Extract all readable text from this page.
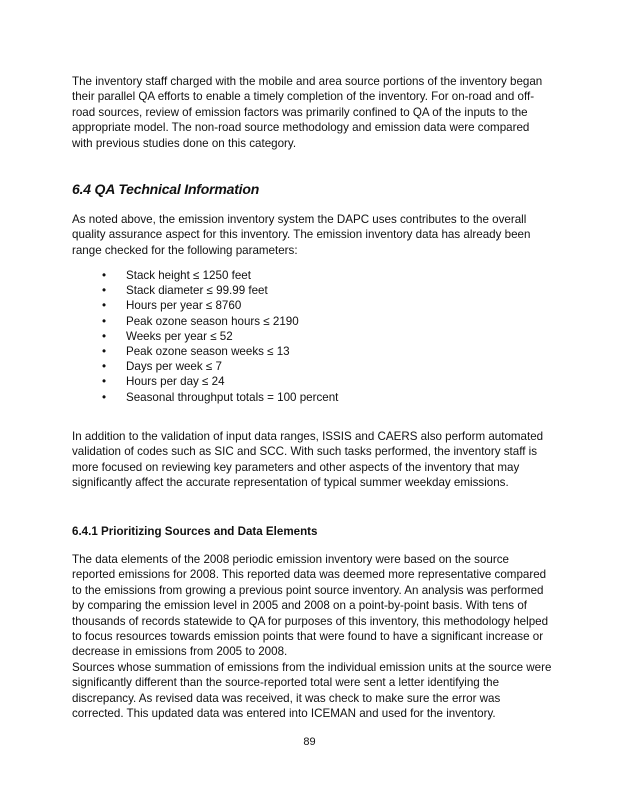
The inventory staff charged with the mobile and area source portions of the inventory began their parallel QA efforts to enable a timely completion of the inventory. For on-road and off-road sources, review of emission factors was primarily confined to QA of the inputs to the appropriate model. The non-road source methodology and emission data were compared with previous studies done on this category.

6.4 QA Technical Information

As noted above, the emission inventory system the DAPC uses contributes to the overall quality assurance aspect for this inventory. The emission inventory data has already been range checked for the following parameters:

• Stack height ≤ 1250 feet
• Stack diameter ≤ 99.99 feet
• Hours per year ≤ 8760
• Peak ozone season hours ≤ 2190
• Weeks per year ≤ 52
• Peak ozone season weeks ≤ 13
• Days per week ≤ 7
• Hours per day ≤ 24
• Seasonal throughput totals = 100 percent

In addition to the validation of input data ranges, ISSIS and CAERS also perform automated validation of codes such as SIC and SCC. With such tasks performed, the inventory staff is more focused on reviewing key parameters and other aspects of the inventory that may significantly affect the accurate representation of typical summer weekday emissions.

6.4.1 Prioritizing Sources and Data Elements

The data elements of the 2008 periodic emission inventory were based on the source reported emissions for 2008. This reported data was deemed more representative compared to the emissions from growing a previous point source inventory. An analysis was performed by comparing the emission level in 2005 and 2008 on a point-by-point basis. With tens of thousands of records statewide to QA for purposes of this inventory, this methodology helped to focus resources towards emission points that were found to have a significant increase or decrease in emissions from 2005 to 2008.

Sources whose summation of emissions from the individual emission units at the source were significantly different than the source-reported total were sent a letter identifying the discrepancy. As revised data was received, it was check to make sure the error was corrected. This updated data was entered into ICEMAN and used for the inventory.

89
